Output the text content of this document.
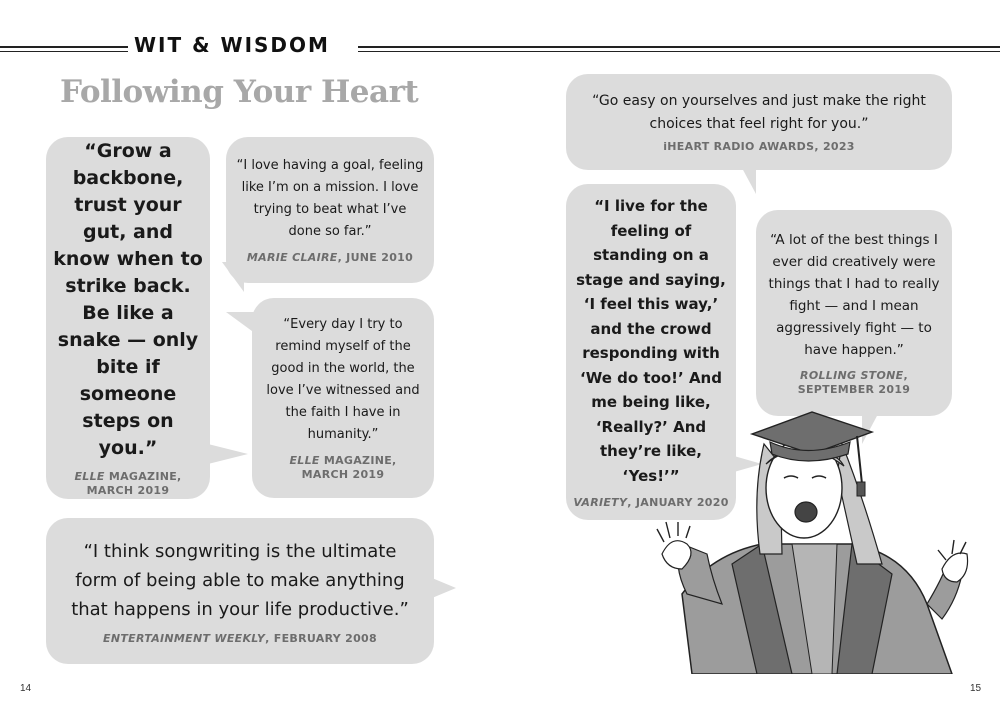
WIT & WISDOM
Following Your Heart
“Grow a backbone, trust your gut, and know when to strike back. Be like a snake — only bite if someone steps on you.”
ELLE MAGAZINE,
MARCH 2019
“I love having a goal, feeling like I’m on a mission. I love trying to beat what I’ve done so far.”
MARIE CLAIRE, JUNE 2010
“Every day I try to remind myself of the good in the world, the love I’ve witnessed and the faith I have in humanity.”
ELLE MAGAZINE,
MARCH 2019
“I think songwriting is the ultimate form of being able to make anything that happens in your life productive.”
ENTERTAINMENT WEEKLY, FEBRUARY 2008
“Go easy on yourselves and just make the right choices that feel right for you.”
iHEART RADIO AWARDS, 2023
“I live for the feeling of standing on a stage and saying, ‘I feel this way,’ and the crowd responding with ‘We do too!’ And me being like, ‘Really?’ And they’re like, ‘Yes!’”
VARIETY, JANUARY 2020
“A lot of the best things I ever did creatively were things that I had to really fight — and I mean aggressively fight — to have happen.”
ROLLING STONE,
SEPTEMBER 2019
14	15
